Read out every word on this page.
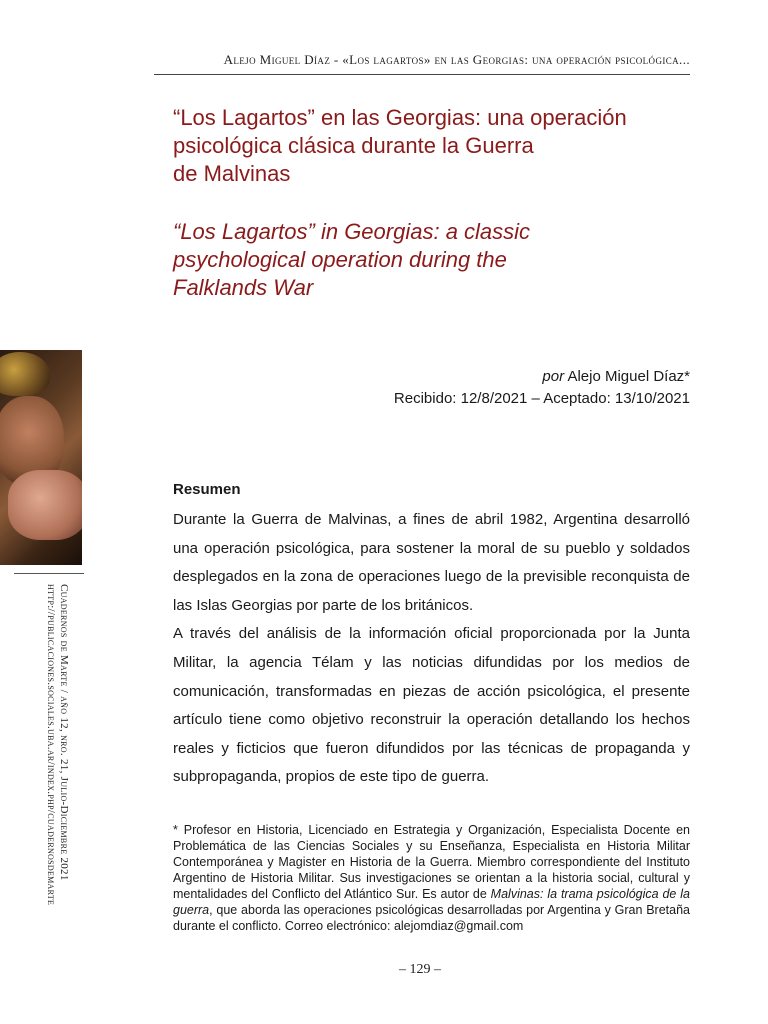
Alejo Miguel Díaz - «Los lagartos» en las Georgias: una operación psicológica...
“Los Lagartos” en las Georgias: una operación
psicológica clásica durante la Guerra
de Malvinas
“Los Lagartos” in Georgias: a classic
psychological operation during the
Falklands War
Cuadernos de Marte / año 12, nro. 21, Julio-Diciembre 2021
http://publicaciones.sociales.uba.ar/index.php/cuadernosdemarte
por Alejo Miguel Díaz*
Recibido: 12/8/2021 – Aceptado: 13/10/2021
Resumen

Durante la Guerra de Malvinas, a fines de abril 1982, Argentina desarrolló una operación psicológica, para sostener la moral de su pueblo y soldados desplegados en la zona de operaciones luego de la previsible reconquista de las Islas Georgias por parte de los británicos.

A través del análisis de la información oficial proporcionada por la Junta Militar, la agencia Télam y las noticias difundidas por los medios de comunicación, transformadas en piezas de acción psicológica, el presente artículo tiene como objetivo reconstruir la operación detallando los hechos reales y ficticios que fueron difundidos por las técnicas de propaganda y subpropaganda, propios de este tipo de guerra.

* Profesor en Historia, Licenciado en Estrategia y Organización, Especialista Docente en Problemática de las Ciencias Sociales y su Enseñanza, Especialista en Historia Militar Contemporánea y Magister en Historia de la Guerra. Miembro correspondiente del Instituto Argentino de Historia Militar. Sus investigaciones se orientan a la historia social, cultural y mentalidades del Conflicto del Atlántico Sur. Es autor de Malvinas: la trama psicológica de la guerra, que aborda las operaciones psicológicas desarrolladas por Argentina y Gran Bretaña durante el conflicto. Correo electrónico: alejomdiaz@gmail.com
– 129 –
